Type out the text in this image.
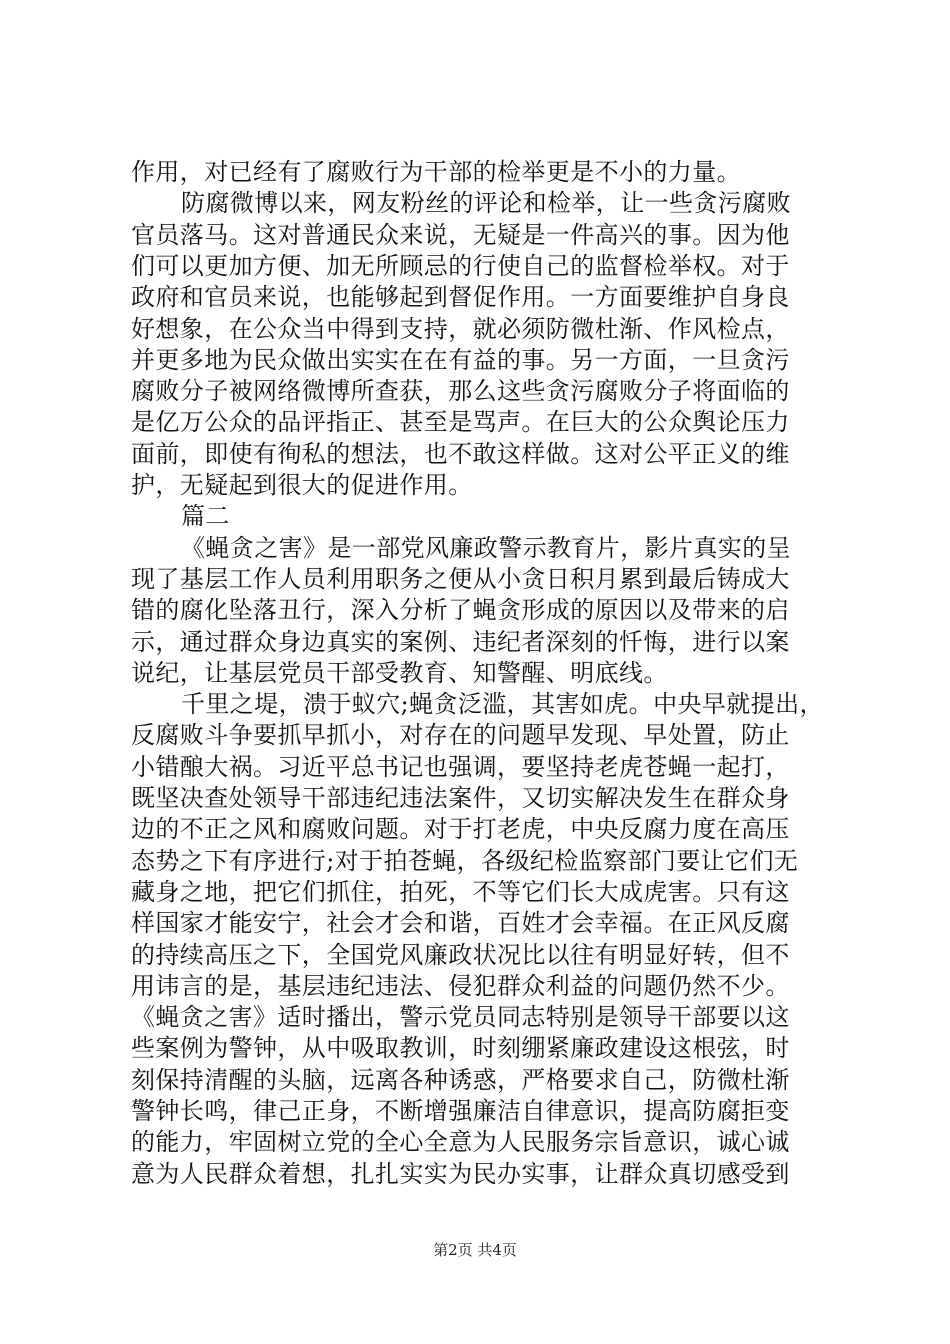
作用，对已经有了腐败行为干部的检举更是不小的力量。
防腐微博以来，网友粉丝的评论和检举，让一些贪污腐败
官员落马。这对普通民众来说，无疑是一件高兴的事。因为他
们可以更加方便、加无所顾忌的行使自己的监督检举权。对于
政府和官员来说，也能够起到督促作用。一方面要维护自身良
好想象，在公众当中得到支持，就必须防微杜渐、作风检点，
并更多地为民众做出实实在在有益的事。另一方面，一旦贪污
腐败分子被网络微博所查获，那么这些贪污腐败分子将面临的
是亿万公众的品评指正、甚至是骂声。在巨大的公众舆论压力
面前，即使有徇私的想法，也不敢这样做。这对公平正义的维
护，无疑起到很大的促进作用。
篇二
《蝇贪之害》是一部党风廉政警示教育片，影片真实的呈
现了基层工作人员利用职务之便从小贪日积月累到最后铸成大
错的腐化坠落丑行，深入分析了蝇贪形成的原因以及带来的启
示，通过群众身边真实的案例、违纪者深刻的忏悔，进行以案
说纪，让基层党员干部受教育、知警醒、明底线。
千里之堤，溃于蚁穴;蝇贪泛滥，其害如虎。中央早就提出，
反腐败斗争要抓早抓小，对存在的问题早发现、早处置，防止
小错酿大祸。习近平总书记也强调，要坚持老虎苍蝇一起打，
既坚决查处领导干部违纪违法案件，又切实解决发生在群众身
边的不正之风和腐败问题。对于打老虎，中央反腐力度在高压
态势之下有序进行;对于拍苍蝇，各级纪检监察部门要让它们无
藏身之地，把它们抓住，拍死，不等它们长大成虎害。只有这
样国家才能安宁，社会才会和谐，百姓才会幸福。在正风反腐
的持续高压之下，全国党风廉政状况比以往有明显好转，但不
用讳言的是，基层违纪违法、侵犯群众利益的问题仍然不少。
《蝇贪之害》适时播出，警示党员同志特别是领导干部要以这
些案例为警钟，从中吸取教训，时刻绷紧廉政建设这根弦，时
刻保持清醒的头脑，远离各种诱惑，严格要求自己，防微杜渐
警钟长鸣，律己正身，不断增强廉洁自律意识，提高防腐拒变
的能力，牢固树立党的全心全意为人民服务宗旨意识，诚心诚
意为人民群众着想，扎扎实实为民办实事，让群众真切感受到
第2页 共4页
